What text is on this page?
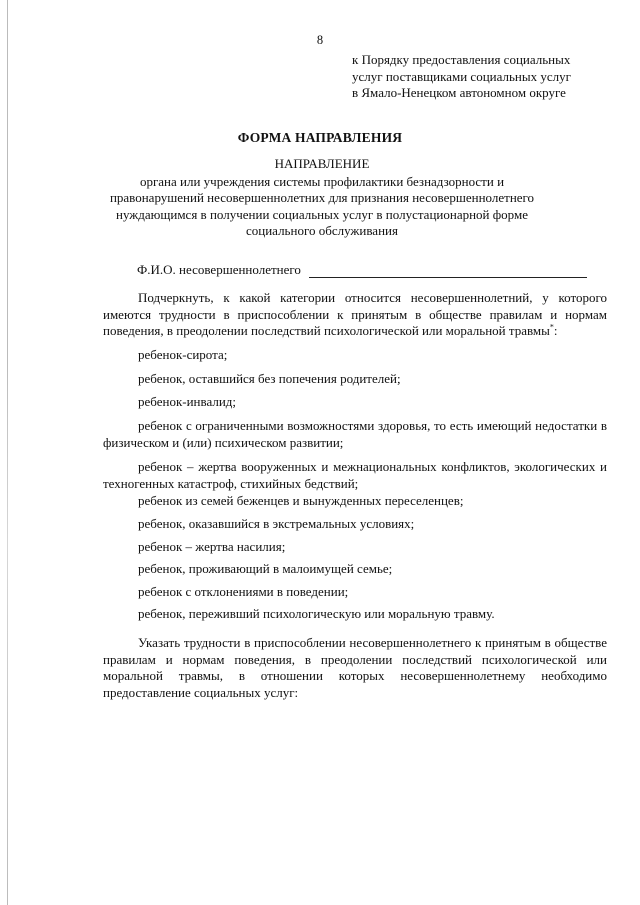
8
к Порядку предоставления социальных
услуг поставщиками социальных услуг
в Ямало-Ненецком автономном округе
ФОРМА НАПРАВЛЕНИЯ
НАПРАВЛЕНИЕ
органа или учреждения системы профилактики безнадзорности и
правонарушений несовершеннолетних для признания несовершеннолетнего
нуждающимся в получении социальных услуг в полустационарной форме
социального обслуживания
Ф.И.О. несовершеннолетнего
Подчеркнуть, к какой категории относится несовершеннолетний, у которого имеются трудности в приспособлении к принятым в обществе правилам и нормам поведения, в преодолении последствий психологической или моральной травмы*:
ребенок-сирота;
ребенок, оставшийся без попечения родителей;
ребенок-инвалид;
ребенок с ограниченными возможностями здоровья, то есть имеющий недостатки в физическом и (или) психическом развитии;
ребенок – жертва вооруженных и межнациональных конфликтов, экологических и техногенных катастроф, стихийных бедствий;
ребенок из семей беженцев и вынужденных переселенцев;
ребенок, оказавшийся в экстремальных условиях;
ребенок – жертва насилия;
ребенок, проживающий в малоимущей семье;
ребенок с отклонениями в поведении;
ребенок, переживший психологическую или моральную травму.
Указать трудности в приспособлении несовершеннолетнего к принятым в обществе правилам и нормам поведения, в преодолении последствий психологической или моральной травмы, в отношении которых несовершеннолетнему необходимо предоставление социальных услуг:
